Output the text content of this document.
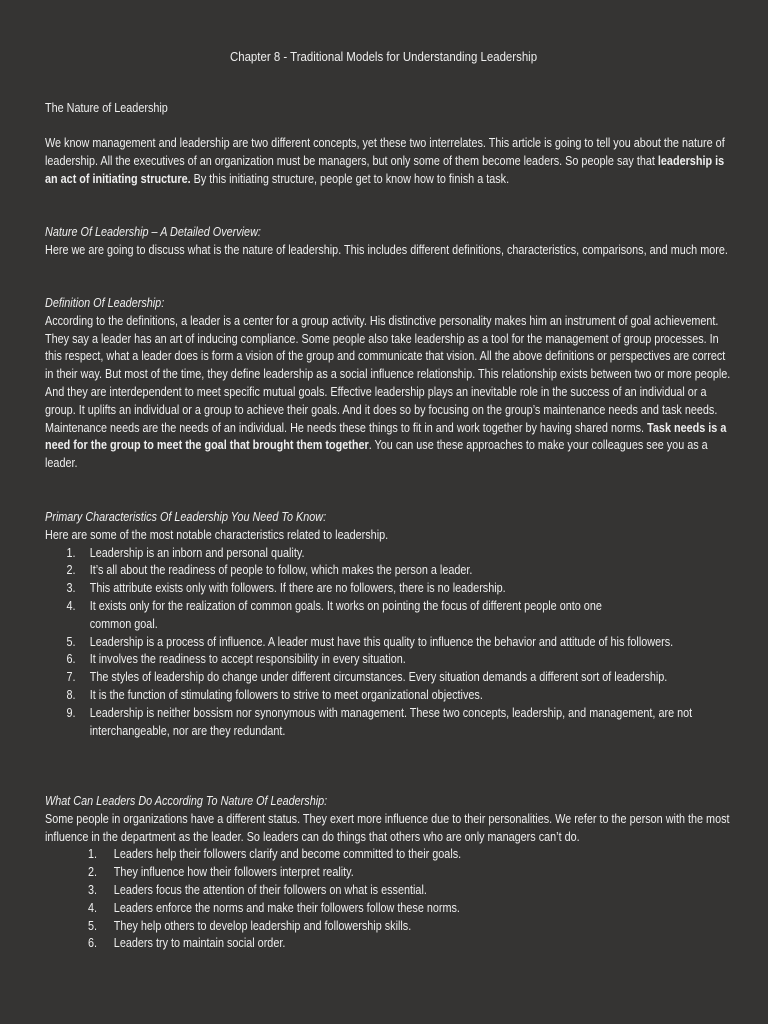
Chapter 8 - Traditional Models for Understanding Leadership
The Nature of Leadership

We know management and leadership are two different concepts, yet these two interrelates. This article is going to tell you about the nature of leadership. All the executives of an organization must be managers, but only some of them become leaders. So people say that leadership is an act of initiating structure. By this initiating structure, people get to know how to finish a task.

Nature Of Leadership – A Detailed Overview:

Here we are going to discuss what is the nature of leadership. This includes different definitions, characteristics, comparisons, and much more.

Definition Of Leadership:

According to the definitions, a leader is a center for a group activity. His distinctive personality makes him an instrument of goal achievement. They say a leader has an art of inducing compliance. Some people also take leadership as a tool for the management of group processes. In this respect, what a leader does is form a vision of the group and communicate that vision. All the above definitions or perspectives are correct in their way. But most of the time, they define leadership as a social influence relationship. This relationship exists between two or more people. And they are interdependent to meet specific mutual goals. Effective leadership plays an inevitable role in the success of an individual or a group. It uplifts an individual or a group to achieve their goals. And it does so by focusing on the group’s maintenance needs and task needs. Maintenance needs are the needs of an individual. He needs these things to fit in and work together by having shared norms. Task needs is a need for the group to meet the goal that brought them together. You can use these approaches to make your colleagues see you as a leader.

Primary Characteristics Of Leadership You Need To Know:

Here are some of the most notable characteristics related to leadership.

1. Leadership is an inborn and personal quality.
2. It’s all about the readiness of people to follow, which makes the person a leader.
3. This attribute exists only with followers. If there are no followers, there is no leadership.
4. It exists only for the realization of common goals. It works on pointing the focus of different people onto one common goal.
5. Leadership is a process of influence. A leader must have this quality to influence the behavior and attitude of his followers.
6. It involves the readiness to accept responsibility in every situation.
7. The styles of leadership do change under different circumstances. Every situation demands a different sort of leadership.
8. It is the function of stimulating followers to strive to meet organizational objectives.
9. Leadership is neither bossism nor synonymous with management. These two concepts, leadership, and management, are not interchangeable, nor are they redundant.

What Can Leaders Do According To Nature Of Leadership:

Some people in organizations have a different status. They exert more influence due to their personalities. We refer to the person with the most influence in the department as the leader. So leaders can do things that others who are only managers can’t do.

1. Leaders help their followers clarify and become committed to their goals.
2. They influence how their followers interpret reality.
3. Leaders focus the attention of their followers on what is essential.
4. Leaders enforce the norms and make their followers follow these norms.
5. They help others to develop leadership and followership skills.
6. Leaders try to maintain social order.
